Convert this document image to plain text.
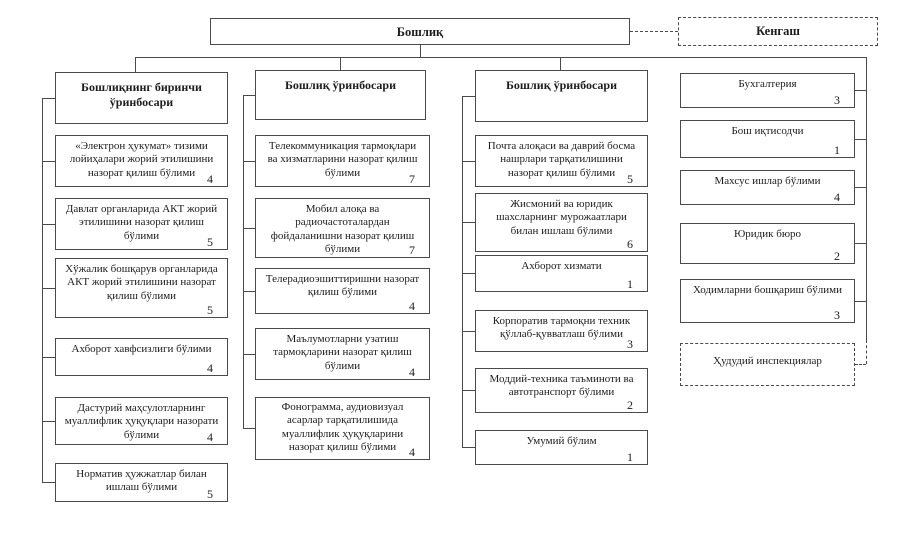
Бошлиқ	Кенгаш
Бошлиқнинг биринчи ўринбосари
«Электрон ҳукумат» тизими лойиҳалари жорий этилишини назорат қилиш бўлими 4
Давлат органларида АКТ жорий этилишини назорат қилиш бўлими	5
Хўжалик бошқарув органларида АКТ жорий этилишини назорат қилиш бўлими
5
Ахборот хавфсизлиги бўлими
4
Дастурий маҳсулотларнинг муаллифлик ҳуқуқлари назорати бўлими	4
Норматив ҳужжатлар билан ишлаш бўлими 5
Бошлиқ ўринбосари
Телекоммуникация тармоқлари ва хизматларини назорат қилиш бўлими	7
Мобил алоқа ва радиочастоталардан фойдаланишни назорат қилиш бўлими	7
Телерадиоэшиттиришни назорат қилиш бўлими
4
Маълумотларни узатиш тармоқларини назорат қилиш бўлими	4
Фонограмма, аудиовизуал асарлар тарқатилишида муаллифлик ҳуқуқларини назорат қилиш бўлими 4
Бошлиқ ўринбосари
Почта алоқаси ва даврий босма нашрлари тарқатилишини назорат қилиш бўлими 5
Жисмоний ва юридик шахсларнинг мурожаатлари билан ишлаш бўлими
6
Ахборот хизмати
1
Корпоратив тармоқни техник қўллаб-қувватлаш бўлими
3
Моддий-техника таъминоти ва автотранспорт бўлими
2
Умумий бўлим
1
Бухгалтерия
3
Бош иқтисодчи
1
Махсус ишлар бўлими
4
Юридик бюро
2
Ходимларни бошқариш бўлими
3
Ҳудудий инспекциялар
